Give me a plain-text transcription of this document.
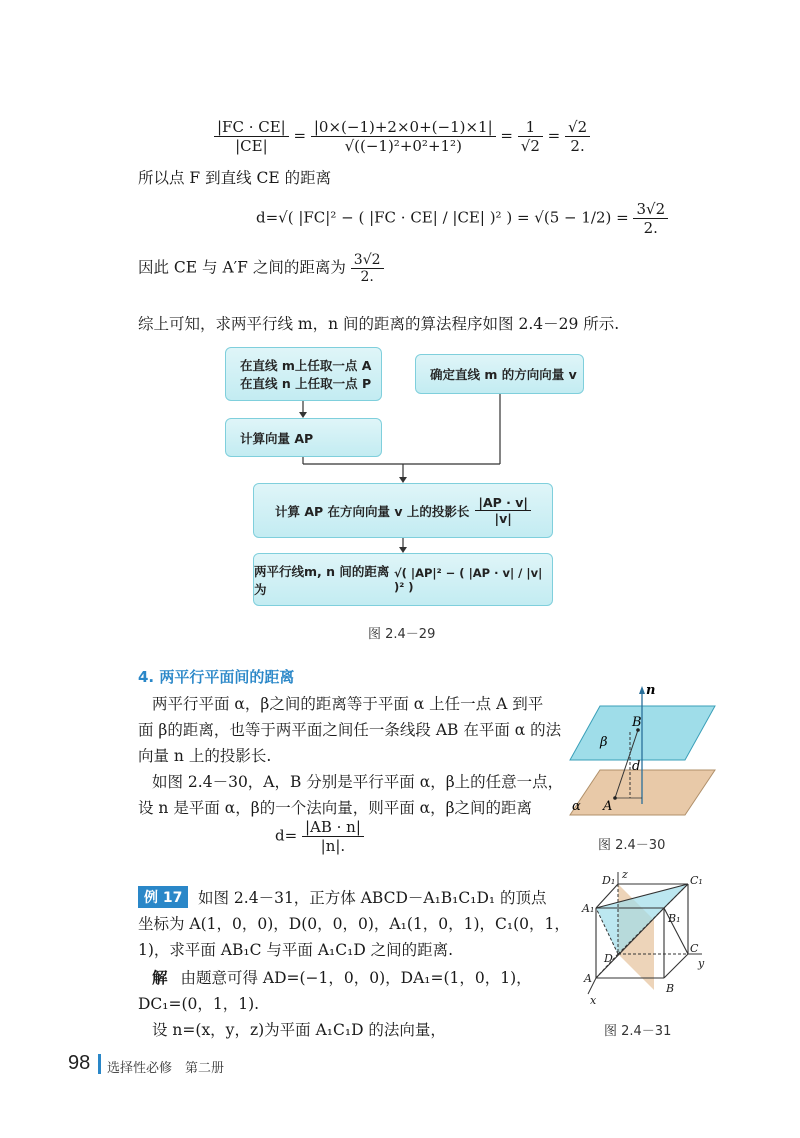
$\frac{|FC \cdot CE|}{|CE|} = \frac{|0\times(-1)+2\times 0+(-1)\times 1|}{\text{√((−1)²+0²+1²)}} = \frac{1}{√2} = \frac{√2}{2.}$
所以点 F 到直线 CE 的距离
d=√( |FC|² − ( |FC · CE| / |CE| )² ) = $√(5 - 1/2) = \frac{3√2}{2.}$
因此 CE 与 A′F 之间的距离为 $\frac{3√2}{2.}$
综上可知，求两平行线 m，n 间的距离的算法程序如图 2.4－29 所示.
在直线 m上任取一点 A
在直线 n 上任取一点 P
确定直线 m 的方向向量 v
计算向量 AP
计算 AP 在方向向量 v 上的投影长 $\frac{|AP \cdot v|}{|v|}$
两平行线m, n 间的距离为
√( |AP|² − ( |AP · v| / |v| )² )
图 2.4－29
4. 两平行平面间的距离
两平行平面 α，β之间的距离等于平面 α 上任一点 A 到平
面 β的距离，也等于两平面之间任一条线段 AB 在平面 α 的法
向量 n 上的投影长.
如图 2.4－30，A，B 分别是平行平面 α，β上的任意一点，
设 n 是平面 α，β的一个法向量，则平面 α，β之间的距离
$d= \frac{|AB \cdot n|}{|n|.}$
n
B
A
d
β
α
图 2.4－30
例 17	如图 2.4－31，正方体 ABCD－A₁B₁C₁D₁ 的顶点
坐标为 A(1，0，0)，D(0，0，0)，A₁(1，0，1)，C₁(0，1，
1)，求平面 AB₁C 与平面 A₁C₁D 之间的距离.
解 由题意可得 AD=(−1，0，0)，DA₁=(1，0，1)，
DC₁=(0，1，1).
设 n=(x，y，z)为平面 A₁C₁D 的法向量，
D₁ z	C₁
A₁
B₁
D
C
y
A
B
x
图 2.4－31
98 选择性必修　第二册
